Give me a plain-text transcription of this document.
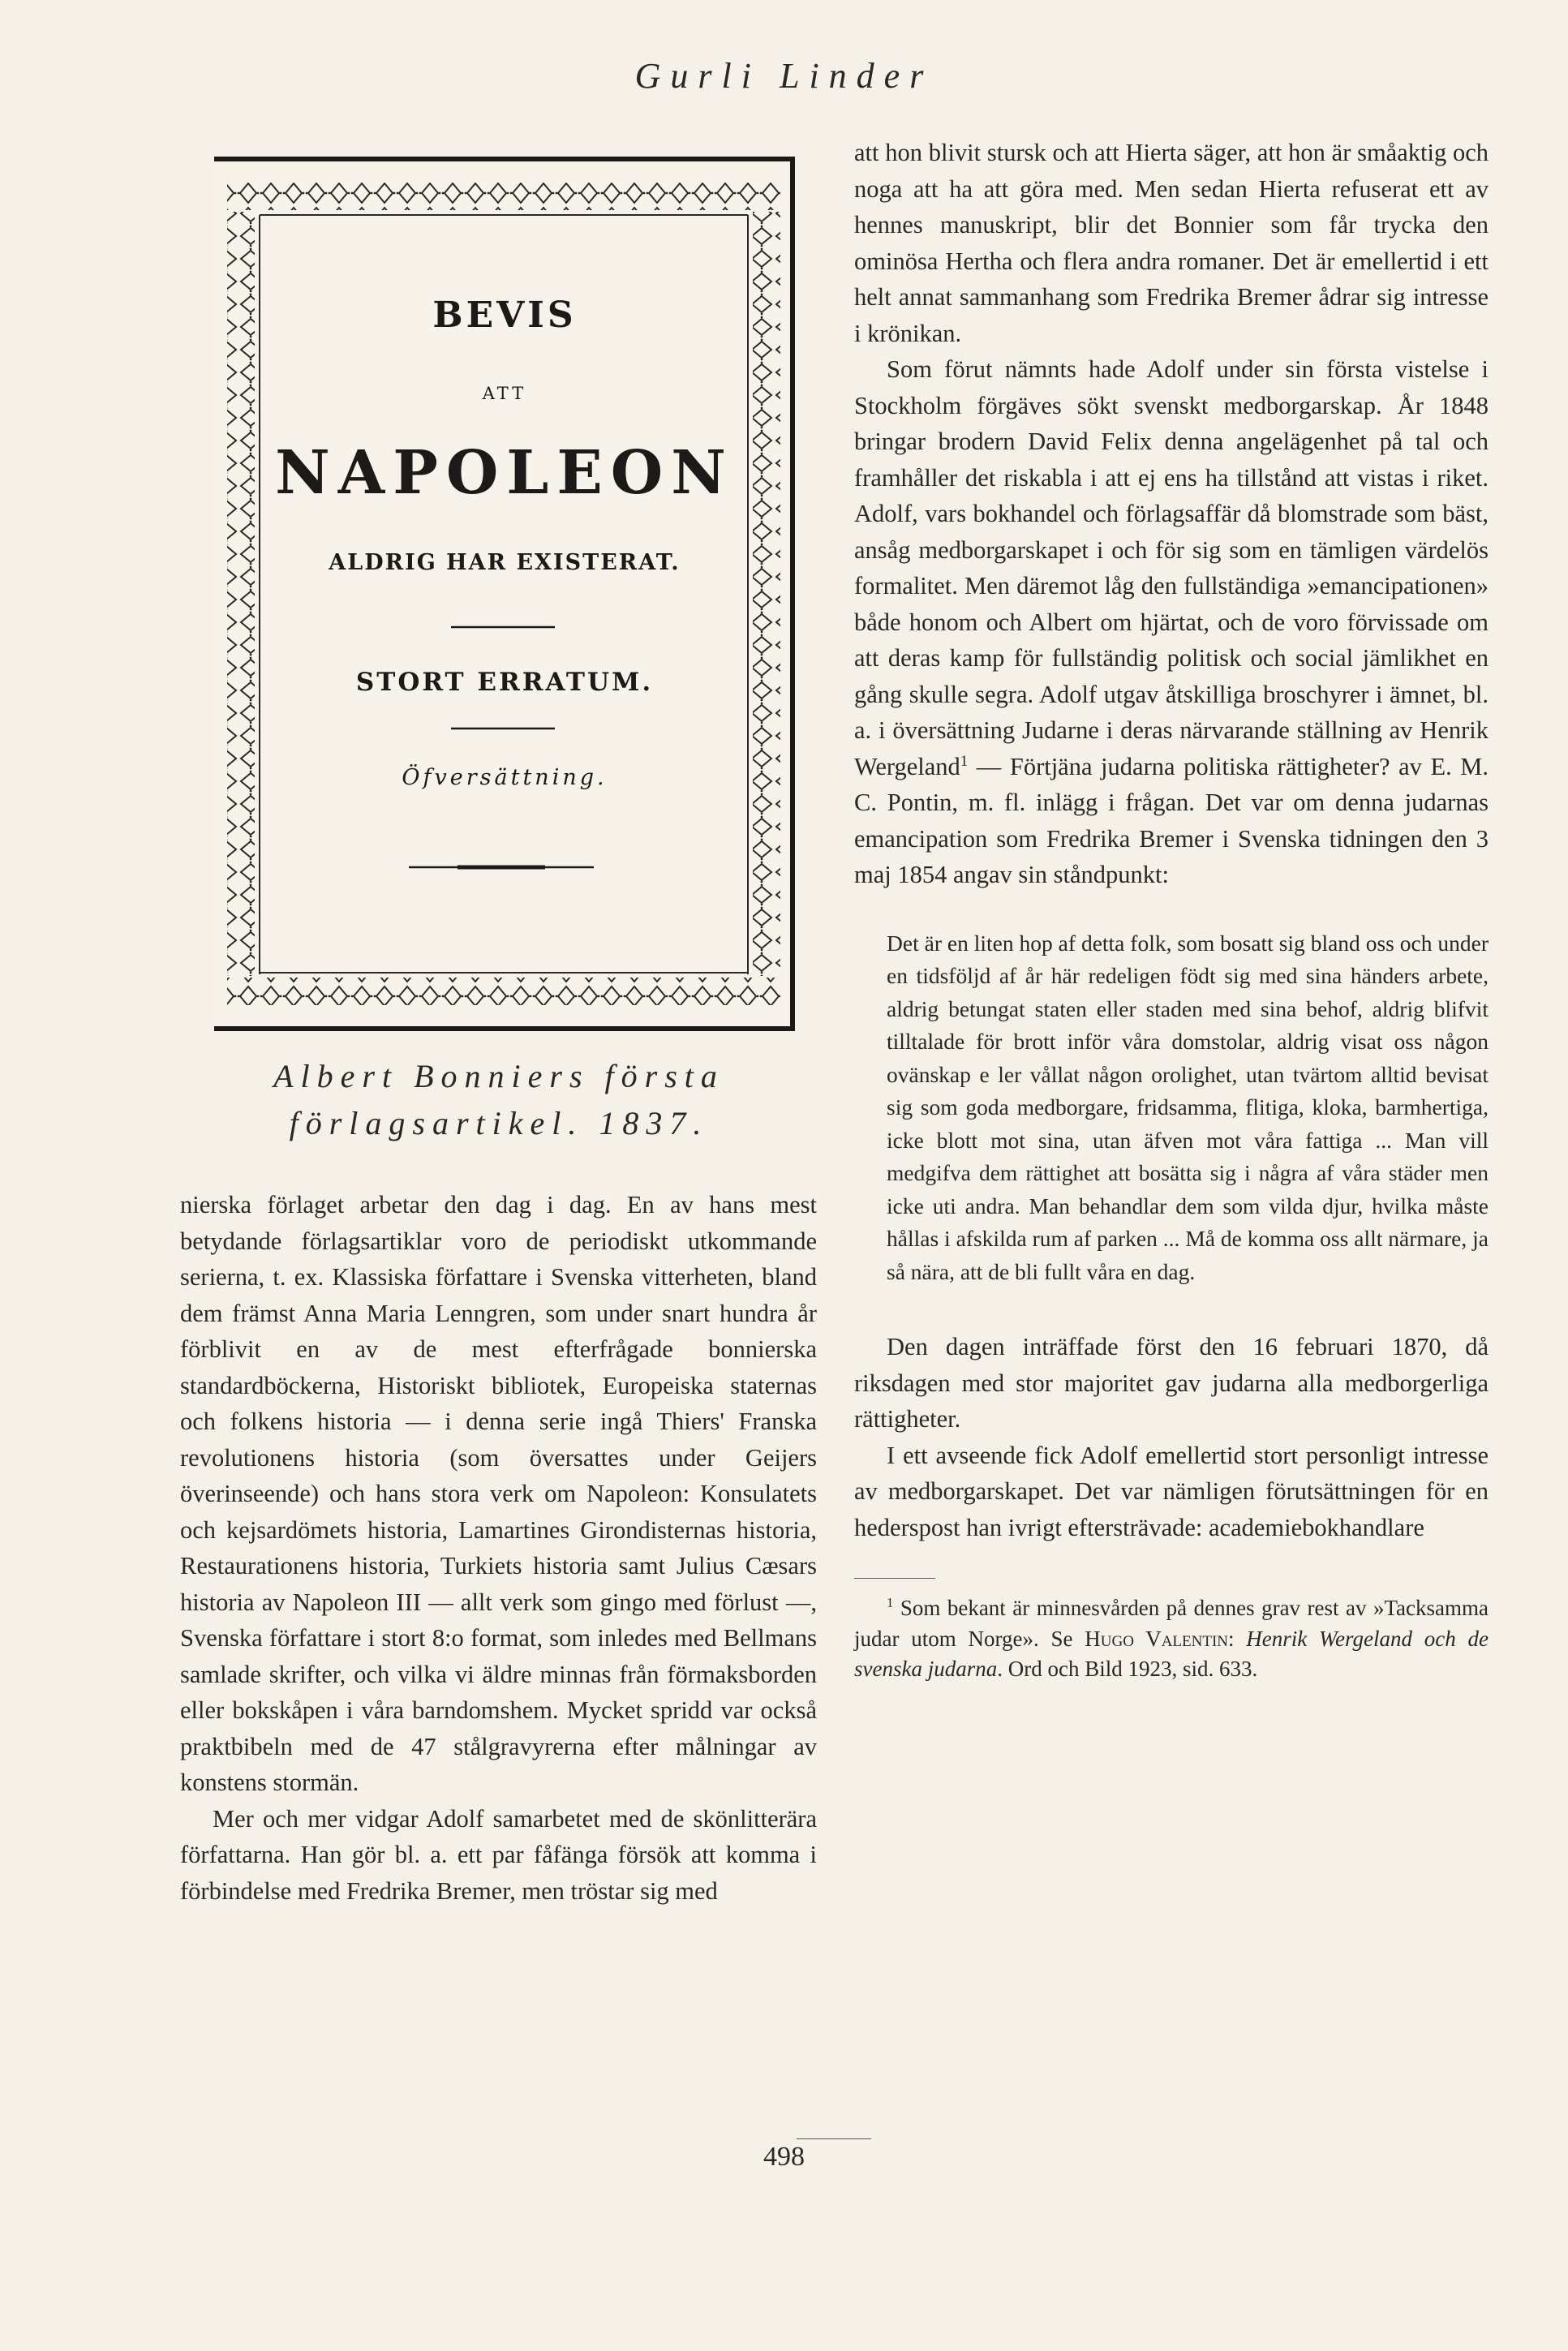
Gurli Linder
BEVIS
ATT
NAPOLEON
ALDRIG HAR EXISTERAT.
STORT ERRATUM.
Öfversättning.
Albert Bonniers första förlagsartikel. 1837.

nierska förlaget arbetar den dag i dag. En av hans mest betydande förlagsartiklar voro de periodiskt utkommande serierna, t. ex. Klassiska författare i Svenska vitterheten, bland dem främst Anna Maria Lenngren, som under snart hundra år förblivit en av de mest efterfrågade bonnierska standardböckerna, Historiskt bibliotek, Europeiska staternas och folkens historia — i denna serie ingå Thiers' Franska revolutionens historia (som översattes under Geijers överinseende) och hans stora verk om Napoleon: Konsulatets och kejsardömets historia, Lamartines Girondisternas historia, Restaurationens historia, Turkiets historia samt Julius Cæsars historia av Napoleon III — allt verk som gingo med förlust —, Svenska författare i stort 8:o format, som inledes med Bellmans samlade skrifter, och vilka vi äldre minnas från förmaksborden eller bokskåpen i våra barndomshem. Mycket spridd var också praktbibeln med de 47 stålgravyrerna efter målningar av konstens stormän.

Mer och mer vidgar Adolf samarbetet med de skönlitterära författarna. Han gör bl. a. ett par fåfänga försök att komma i förbindelse med Fredrika Bremer, men tröstar sig med

att hon blivit stursk och att Hierta säger, att hon är småaktig och noga att ha att göra med. Men sedan Hierta refuserat ett av hennes manuskript, blir det Bonnier som får trycka den ominösa Hertha och flera andra romaner. Det är emellertid i ett helt annat sammanhang som Fredrika Bremer ådrar sig intresse i krönikan.

Som förut nämnts hade Adolf under sin första vistelse i Stockholm förgäves sökt svenskt medborgarskap. År 1848 bringar brodern David Felix denna angelägenhet på tal och framhåller det riskabla i att ej ens ha tillstånd att vistas i riket. Adolf, vars bokhandel och förlagsaffär då blomstrade som bäst, ansåg medborgarskapet i och för sig som en tämligen värdelös formalitet. Men däremot låg den fullständiga »emancipationen» både honom och Albert om hjärtat, och de voro förvissade om att deras kamp för fullständig politisk och social jämlikhet en gång skulle segra. Adolf utgav åtskilliga broschyrer i ämnet, bl. a. i översättning Judarne i deras närvarande ställning av Henrik Wergeland$^1$ — Förtjäna judarna politiska rättigheter? av E. M. C. Pontin, m. fl. inlägg i frågan. Det var om denna judarnas emancipation som Fredrika Bremer i Svenska tidningen den 3 maj 1854 angav sin ståndpunkt:

Det är en liten hop af detta folk, som bosatt sig bland oss och under en tidsföljd af år här redeligen födt sig med sina händers arbete, aldrig betungat staten eller staden med sina behof, aldrig blifvit tilltalade för brott inför våra domstolar, aldrig visat oss någon ovänskap e ler vållat någon orolighet, utan tvärtom alltid bevisat sig som goda medborgare, fridsamma, flitiga, kloka, barmhertiga, icke blott mot sina, utan äfven mot våra fattiga ... Man vill medgifva dem rättighet att bosätta sig i några af våra städer men icke uti andra. Man behandlar dem som vilda djur, hvilka måste hållas i afskilda rum af parken ... Må de komma oss allt närmare, ja så nära, att de bli fullt våra en dag.

Den dagen inträffade först den 16 februari 1870, då riksdagen med stor majoritet gav judarna alla medborgerliga rättigheter.

I ett avseende fick Adolf emellertid stort personligt intresse av medborgarskapet. Det var nämligen förutsättningen för en hederspost han ivrigt eftersträvade: academiebokhandlare

$^1$ Som bekant är minnesvården på dennes grav rest av »Tacksamma judar utom Norge». Se Hugo Valentin: Henrik Wergeland och de svenska judarna. Ord och Bild 1923, sid. 633.

498
